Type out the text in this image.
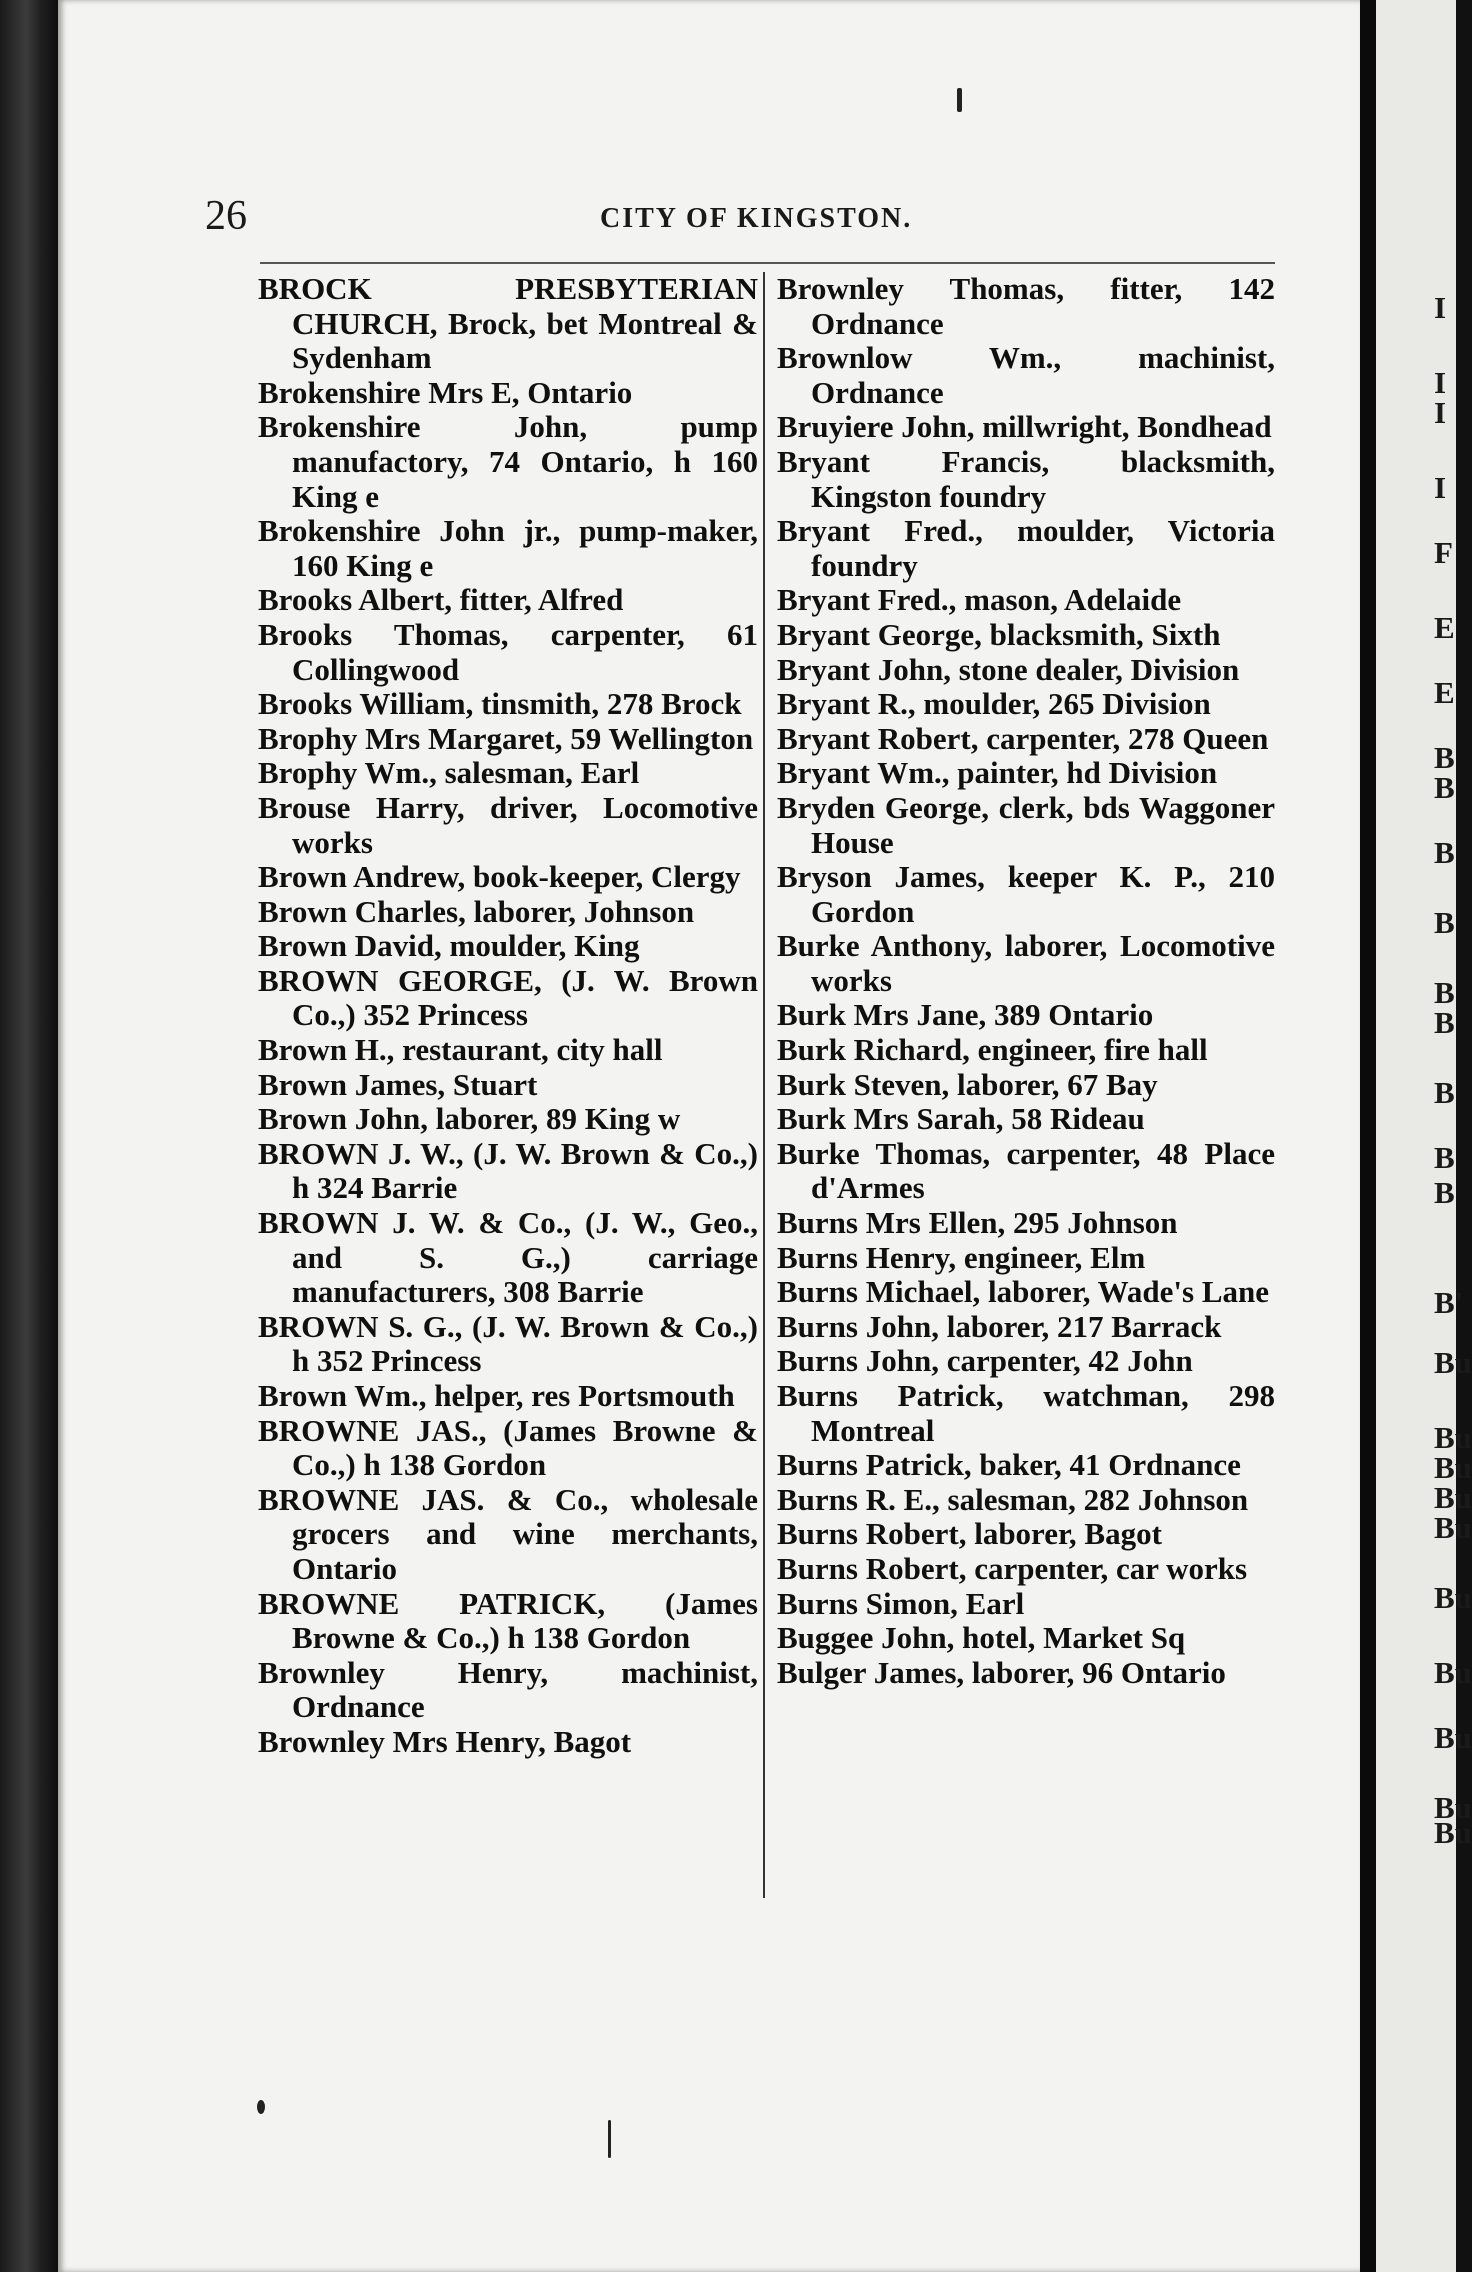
I
I
I
I
F
E
E
B
B
B
B
B
B
B
B
B
B'
Bu
Bu
Bu
Bu
Bu
Bu
Bu
Bu
Bu
Bu
26	CITY OF KINGSTON.

BROCK PRESBYTERIAN CHURCH, Brock, bet Montreal & Sydenham

Brokenshire Mrs E, Ontario

Brokenshire John, pump manufactory, 74 Ontario, h 160 King e

Brokenshire John jr., pump-maker, 160 King e

Brooks Albert, fitter, Alfred

Brooks Thomas, carpenter, 61 Collingwood

Brooks William, tinsmith, 278 Brock

Brophy Mrs Margaret, 59 Wellington

Brophy Wm., salesman, Earl

Brouse Harry, driver, Locomotive works

Brown Andrew, book-keeper, Clergy

Brown Charles, laborer, Johnson

Brown David, moulder, King

BROWN GEORGE, (J. W. Brown Co.,) 352 Princess

Brown H., restaurant, city hall

Brown James, Stuart

Brown John, laborer, 89 King w

BROWN J. W., (J. W. Brown & Co.,) h 324 Barrie

BROWN J. W. & Co., (J. W., Geo., and S. G.,) carriage manufacturers, 308 Barrie

BROWN S. G., (J. W. Brown & Co.,) h 352 Princess

Brown Wm., helper, res Portsmouth

BROWNE JAS., (James Browne & Co.,) h 138 Gordon

BROWNE JAS. & Co., wholesale grocers and wine merchants, Ontario

BROWNE PATRICK, (James Browne & Co.,) h 138 Gordon

Brownley Henry, machinist, Ordnance

Brownley Mrs Henry, Bagot

Brownley Thomas, fitter, 142 Ordnance

Brownlow Wm., machinist, Ordnance

Bruyiere John, millwright, Bondhead

Bryant Francis, blacksmith, Kingston foundry

Bryant Fred., moulder, Victoria foundry

Bryant Fred., mason, Adelaide

Bryant George, blacksmith, Sixth

Bryant John, stone dealer, Division

Bryant R., moulder, 265 Division

Bryant Robert, carpenter, 278 Queen

Bryant Wm., painter, hd Division

Bryden George, clerk, bds Waggoner House

Bryson James, keeper K. P., 210 Gordon

Burke Anthony, laborer, Locomotive works

Burk Mrs Jane, 389 Ontario

Burk Richard, engineer, fire hall

Burk Steven, laborer, 67 Bay

Burk Mrs Sarah, 58 Rideau

Burke Thomas, carpenter, 48 Place d'Armes

Burns Mrs Ellen, 295 Johnson

Burns Henry, engineer, Elm

Burns Michael, laborer, Wade's Lane

Burns John, laborer, 217 Barrack

Burns John, carpenter, 42 John

Burns Patrick, watchman, 298 Montreal

Burns Patrick, baker, 41 Ordnance

Burns R. E., salesman, 282 Johnson

Burns Robert, laborer, Bagot

Burns Robert, carpenter, car works

Burns Simon, Earl

Buggee John, hotel, Market Sq

Bulger James, laborer, 96 Ontario
